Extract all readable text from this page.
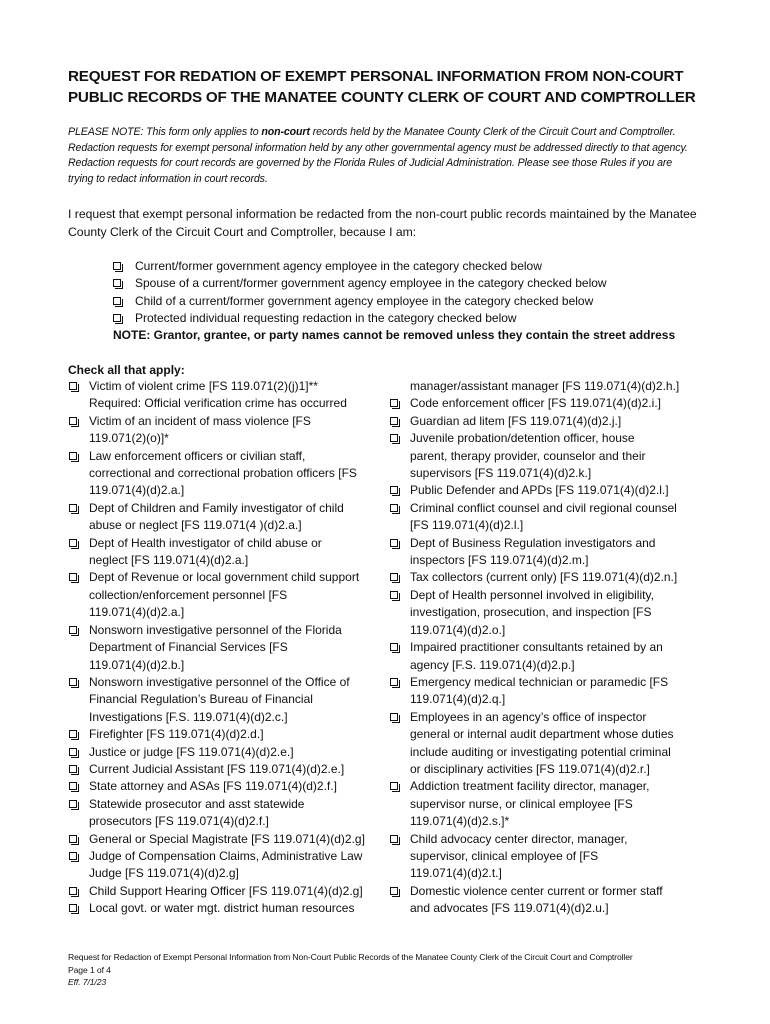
REQUEST FOR REDATION OF EXEMPT PERSONAL INFORMATION FROM NON-COURT
PUBLIC RECORDS OF THE MANATEE COUNTY CLERK OF COURT AND COMPTROLLER
PLEASE NOTE: This form only applies to non-court records held by the Manatee County Clerk of the Circuit Court and Comptroller. Redaction requests for exempt personal information held by any other governmental agency must be addressed directly to that agency. Redaction requests for court records are governed by the Florida Rules of Judicial Administration. Please see those Rules if you are trying to redact information in court records.
I request that exempt personal information be redacted from the non-court public records maintained by the Manatee County Clerk of the Circuit Court and Comptroller, because I am:
Current/former government agency employee in the category checked below
Spouse of a current/former government agency employee in the category checked below
Child of a current/former government agency employee in the category checked below
Protected individual requesting redaction in the category checked below
NOTE: Grantor, grantee, or party names cannot be removed unless they contain the street address
Check all that apply:
Victim of violent crime [FS 119.071(2)(j)1]**
Required: Official verification crime has occurred
Victim of an incident of mass violence [FS
119.071(2)(o)]*
Law enforcement officers or civilian staff,
correctional and correctional probation officers [FS
119.071(4)(d)2.a.]
Dept of Children and Family investigator of child
abuse or neglect [FS 119.071(4 )(d)2.a.]
Dept of Health investigator of child abuse or
neglect [FS 119.071(4)(d)2.a.]
Dept of Revenue or local government child support
collection/enforcement personnel [FS
119.071(4)(d)2.a.]
Nonsworn investigative personnel of the Florida
Department of Financial Services [FS
119.071(4)(d)2.b.]
Nonsworn investigative personnel of the Office of
Financial Regulation’s Bureau of Financial
Investigations [F.S. 119.071(4)(d)2.c.]
Firefighter [FS 119.071(4)(d)2.d.]
Justice or judge [FS 119.071(4)(d)2.e.]
Current Judicial Assistant [FS 119.071(4)(d)2.e.]
State attorney and ASAs [FS 119.071(4)(d)2.f.]
Statewide prosecutor and asst statewide
prosecutors [FS 119.071(4)(d)2.f.]
General or Special Magistrate [FS 119.071(4)(d)2.g]
Judge of Compensation Claims, Administrative Law
Judge [FS 119.071(4)(d)2.g]
Child Support Hearing Officer [FS 119.071(4)(d)2.g]
Local govt. or water mgt. district human resources
manager/assistant manager [FS 119.071(4)(d)2.h.]
Code enforcement officer [FS 119.071(4)(d)2.i.]
Guardian ad litem [FS 119.071(4)(d)2.j.]
Juvenile probation/detention officer, house
parent, therapy provider, counselor and their
supervisors [FS 119.071(4)(d)2.k.]
Public Defender and APDs [FS 119.071(4)(d)2.l.]
Criminal conflict counsel and civil regional counsel
[FS 119.071(4)(d)2.l.]
Dept of Business Regulation investigators and
inspectors [FS 119.071(4)(d)2.m.]
Tax collectors (current only) [FS 119.071(4)(d)2.n.]
Dept of Health personnel involved in eligibility,
investigation, prosecution, and inspection [FS
119.071(4)(d)2.o.]
Impaired practitioner consultants retained by an
agency [F.S. 119.071(4)(d)2.p.]
Emergency medical technician or paramedic [FS
119.071(4)(d)2.q.]
Employees in an agency’s office of inspector
general or internal audit department whose duties
include auditing or investigating potential criminal
or disciplinary activities [FS 119.071(4)(d)2.r.]
Addiction treatment facility director, manager,
supervisor nurse, or clinical employee [FS
119.071(4)(d)2.s.]*
Child advocacy center director, manager,
supervisor, clinical employee of [FS
119.071(4)(d)2.t.]
Domestic violence center current or former staff
and advocates [FS 119.071(4)(d)2.u.]
Request for Redaction of Exempt Personal Information from Non-Court Public Records of the Manatee County Clerk of the Circuit Court and Comptroller
Page 1 of 4
Eff. 7/1/23
